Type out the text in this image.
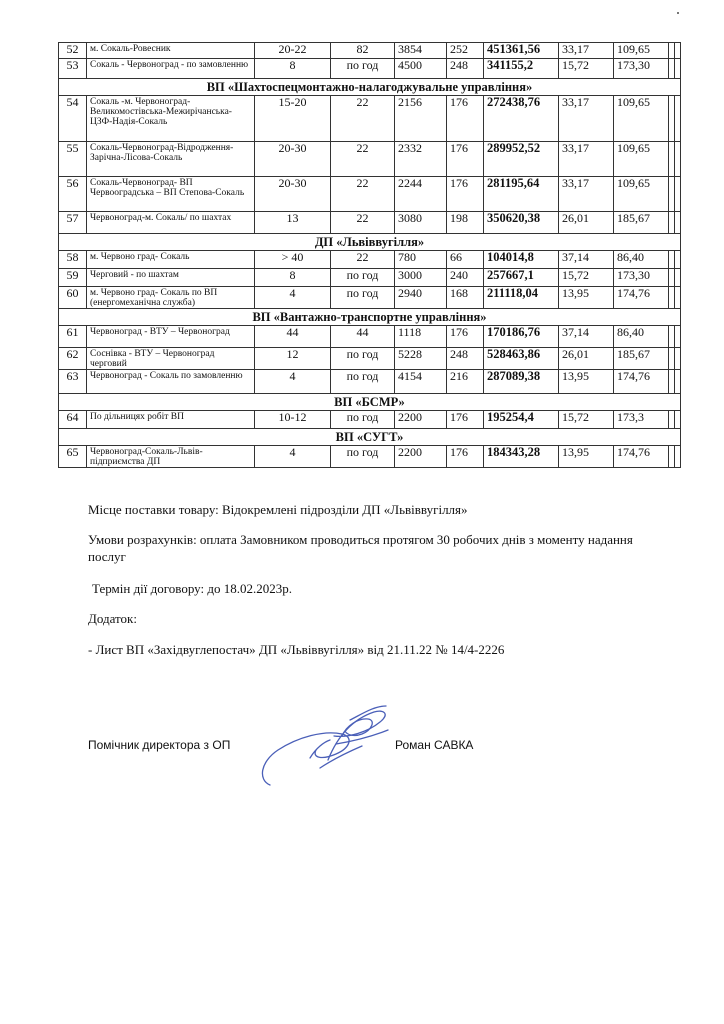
52	м. Сокаль-Ровесник	20-22	82	3854	252	451361,56	33,17	109,65		
53	Сокаль - Червоноград - по замовленню	8	по год	4500	248	341155,2	15,72	173,30		
ВП «Шахтоспецмонтажно-налагоджувальне управління»										
54	Сокаль -м. Червоноград-Великомостівська-Межирічанська- ЦЗФ-Надія-Сокаль	15-20	22	2156	176	272438,76	33,17	109,65		
55	Сокаль-Червоноград-Відродження- Зарічна-Лісова-Сокаль	20-30	22	2332	176	289952,52	33,17	109,65		
56	Сокаль-Червоноград- ВП Червооградська – ВП Степова-Сокаль	20-30	22	2244	176	281195,64	33,17	109,65		
57	Червоноград-м. Сокаль/ по шахтах	13	22	3080	198	350620,38	26,01	185,67		
ДП «Львіввугілля»										
58	м. Червоно град- Сокаль	> 40	22	780	66	104014,8	37,14	86,40		
59	Черговий - по шахтам	8	по год	3000	240	257667,1	15,72	173,30		
60	м. Червоно град- Сокаль по ВП (енергомеханічна служба)	4	по год	2940	168	211118,04	13,95	174,76		
ВП «Вантажно-транспортне управління»										
61	Червоноград - ВТУ – Червоноград	44	44	1118	176	170186,76	37,14	86,40		
62	Соснівка - ВТУ – Червоноград черговий	12	по год	5228	248	528463,86	26,01	185,67		
63	Червоноград - Сокаль по замовленню	4	по год	4154	216	287089,38	13,95	174,76		
ВП «БСМР»										
64	По дільницях робіт ВП	10-12	по год	2200	176	195254,4	15,72	173,3		
ВП «СУГТ»										
65	Червоноград-Сокаль-Львів-підприємства ДП	4	по год	2200	176	184343,28	13,95	174,76		
Місце поставки товару: Відокремлені підрозділи ДП «Львіввугілля»
Умови розрахунків: оплата Замовником проводиться протягом 30 робочих днів з моменту надання послуг
Термін дії договору: до 18.02.2023р.
Додаток:
- Лист ВП «Західвуглепостач» ДП «Львіввугілля» від 21.11.22 № 14/4-2226
Помічник директора з ОП	Роман САВКА
